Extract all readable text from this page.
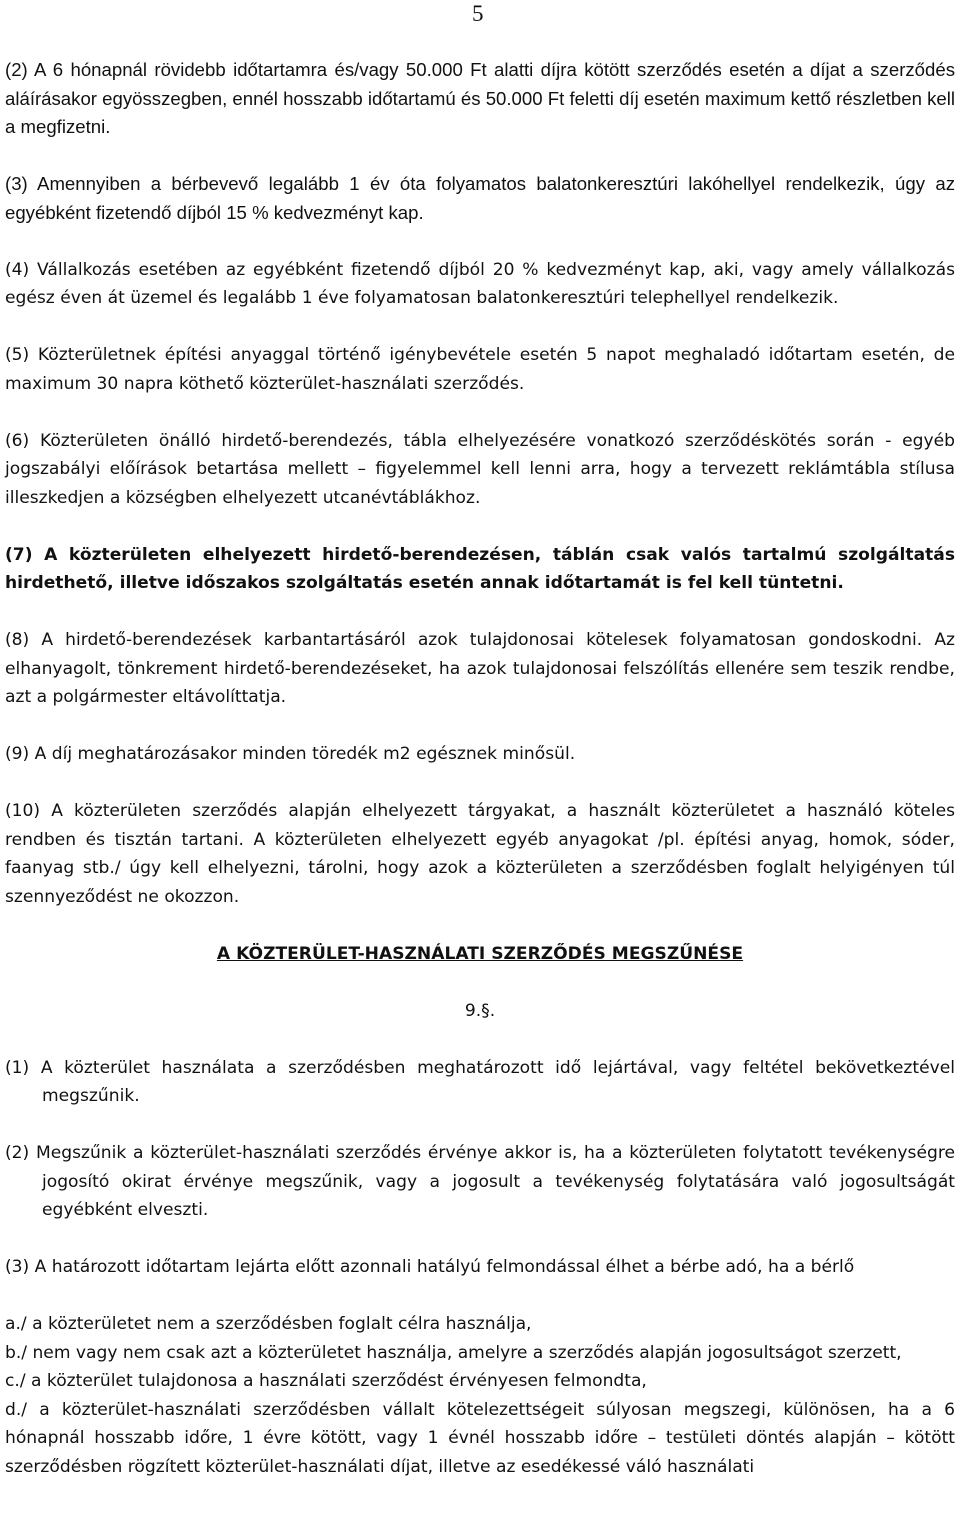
5

(2) A 6 hónapnál rövidebb időtartamra és/vagy 50.000 Ft alatti díjra kötött szerződés esetén a díjat a szerződés aláírásakor egyösszegben, ennél hosszabb időtartamú és 50.000 Ft feletti díj esetén maximum kettő részletben kell a megfizetni.

(3) Amennyiben a bérbevevő legalább 1 év óta folyamatos balatonkeresztúri lakóhellyel rendelkezik, úgy az egyébként fizetendő díjból 15 % kedvezményt kap.

(4) Vállalkozás esetében az egyébként fizetendő díjból 20 % kedvezményt kap, aki, vagy amely vállalkozás egész éven át üzemel és legalább 1 éve folyamatosan balatonkeresztúri telephellyel rendelkezik.

(5) Közterületnek építési anyaggal történő igénybevétele esetén 5 napot meghaladó időtartam esetén, de maximum 30 napra köthető közterület-használati szerződés.

(6) Közterületen önálló hirdető-berendezés, tábla elhelyezésére vonatkozó szerződéskötés során - egyéb jogszabályi előírások betartása mellett – figyelemmel kell lenni arra, hogy a tervezett reklámtábla stílusa illeszkedjen a községben elhelyezett utcanévtáblákhoz.

(7) A közterületen elhelyezett hirdető-berendezésen, táblán csak valós tartalmú szolgáltatás hirdethető, illetve időszakos szolgáltatás esetén annak időtartamát is fel kell tüntetni.

(8) A hirdető-berendezések karbantartásáról azok tulajdonosai kötelesek folyamatosan gondoskodni. Az elhanyagolt, tönkrement hirdető-berendezéseket, ha azok tulajdonosai felszólítás ellenére sem teszik rendbe, azt a polgármester eltávolíttatja.

(9) A díj meghatározásakor minden töredék m2 egésznek minősül.

(10) A közterületen szerződés alapján elhelyezett tárgyakat, a használt közterületet a használó köteles rendben és tisztán tartani. A közterületen elhelyezett egyéb anyagokat /pl. építési anyag, homok, sóder, faanyag stb./ úgy kell elhelyezni, tárolni, hogy azok a közterületen a szerződésben foglalt helyigényen túl szennyeződést ne okozzon.

A KÖZTERÜLET-HASZNÁLATI SZERZŐDÉS MEGSZŰNÉSE

9.§.

(1) A közterület használata a szerződésben meghatározott idő lejártával, vagy feltétel bekövetkeztével megszűnik.

(2) Megszűnik a közterület-használati szerződés érvénye akkor is, ha a közterületen folytatott tevékenységre jogosító okirat érvénye megszűnik, vagy a jogosult a tevékenység folytatására való jogosultságát egyébként elveszti.

(3) A határozott időtartam lejárta előtt azonnali hatályú felmondással élhet a bérbe adó, ha a bérlő

a./ a közterületet nem a szerződésben foglalt célra használja,

b./ nem vagy nem csak azt a közterületet használja, amelyre a szerződés alapján jogosultságot szerzett,

c./ a közterület tulajdonosa a használati szerződést érvényesen felmondta,

d./ a közterület-használati szerződésben vállalt kötelezettségeit súlyosan megszegi, különösen, ha a 6 hónapnál hosszabb időre, 1 évre kötött, vagy 1 évnél hosszabb időre – testületi döntés alapján – kötött szerződésben rögzített közterület-használati díjat, illetve az esedékessé váló használati
